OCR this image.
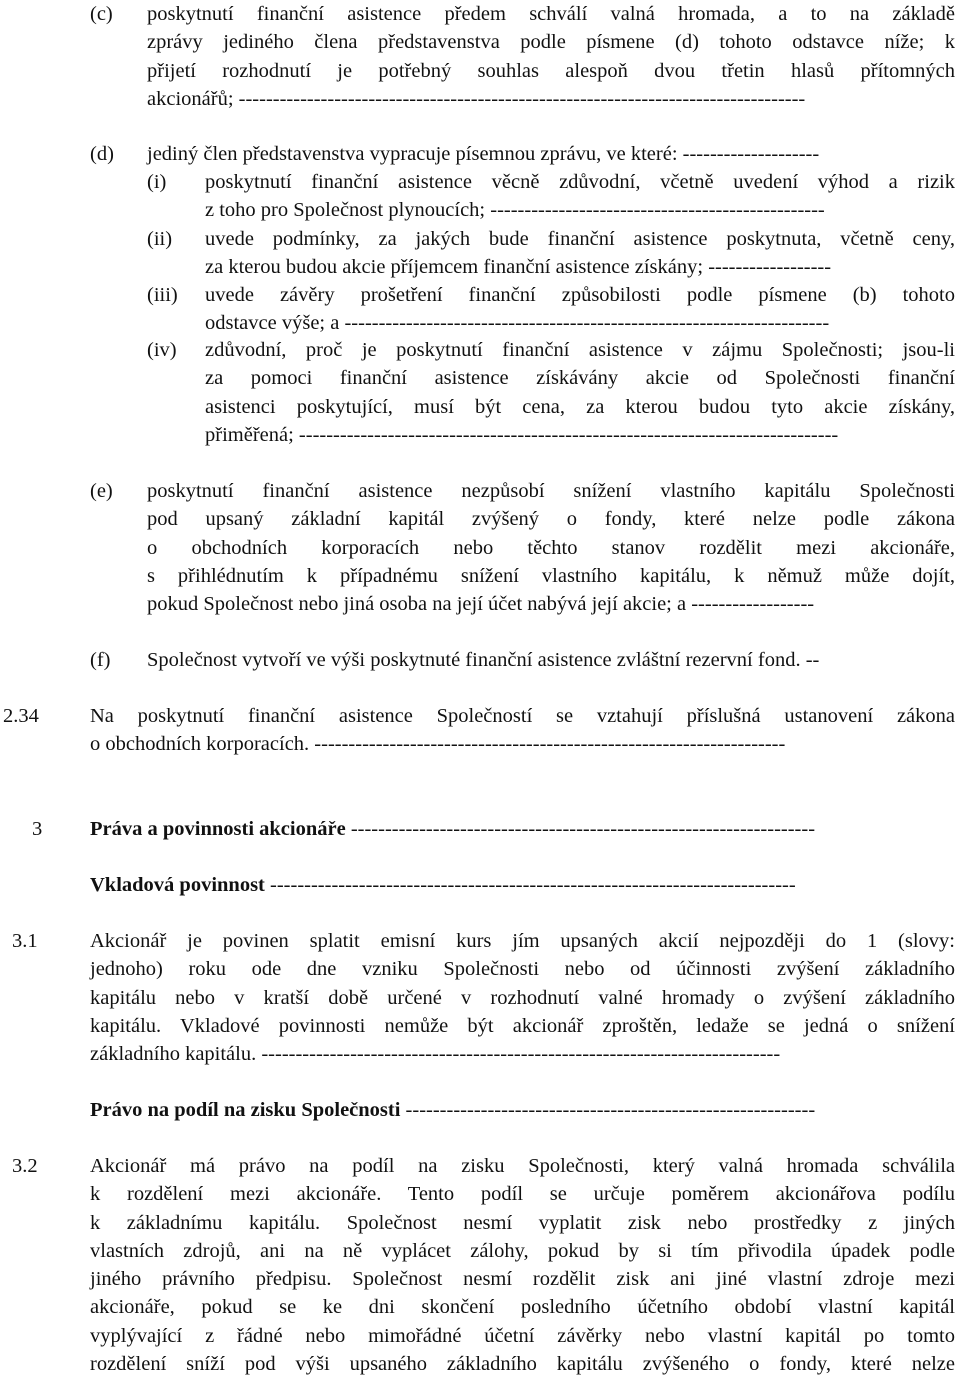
(c) poskytnutí finanční asistence předem schválí valná hromada, a to na základě
zprávy jediného člena představenstva podle písmene (d) tohoto odstavce níže; k
přijetí rozhodnutí je potřebný souhlas alespoň dvou třetin hlasů přítomných
akcionářů; -----------------------------------------------------------------------------------
(d) jediný člen představenstva vypracuje písemnou zprávu, ve které: --------------------
(i) poskytnutí finanční asistence věcně zdůvodní, včetně uvedení výhod a rizik
z toho pro Společnost plynoucích; -------------------------------------------------
(ii) uvede podmínky, za jakých bude finanční asistence poskytnuta, včetně ceny,
za kterou budou akcie příjemcem finanční asistence získány; ------------------
(iii) uvede závěry prošetření finanční způsobilosti podle písmene (b) tohoto
odstavce výše; a -----------------------------------------------------------------------
(iv) zdůvodní, proč je poskytnutí finanční asistence v zájmu Společnosti; jsou-li
za pomoci finanční asistence získávány akcie od Společnosti finanční
asistenci poskytující, musí být cena, za kterou budou tyto akcie získány,
přiměřená; -------------------------------------------------------------------------------
(e) poskytnutí finanční asistence nezpůsobí snížení vlastního kapitálu Společnosti
pod upsaný základní kapitál zvýšený o fondy, které nelze podle zákona
o obchodních korporacích nebo těchto stanov rozdělit mezi akcionáře,
s přihlédnutím k případnému snížení vlastního kapitálu, k němuž může dojít,
pokud Společnost nebo jiná osoba na její účet nabývá její akcie; a ------------------
(f) Společnost vytvoří ve výši poskytnuté finanční asistence zvláštní rezervní fond. --
2.34 Na poskytnutí finanční asistence Společností se vztahují příslušná ustanovení zákona
o obchodních korporacích. ---------------------------------------------------------------------
3 Práva a povinnosti akcionáře --------------------------------------------------------------------
Vkladová povinnost -----------------------------------------------------------------------------
3.1	Akcionář je povinen splatit emisní kurs jím upsaných akcií nejpozději do 1 (slovy:
jednoho) roku ode dne vzniku Společnosti nebo od účinnosti zvýšení základního
kapitálu nebo v kratší době určené v rozhodnutí valné hromady o zvýšení základního
kapitálu. Vkladové povinnosti nemůže být akcionář zproštěn, ledaže se jedná o snížení
základního kapitálu. ----------------------------------------------------------------------------
Právo na podíl na zisku Společnosti ------------------------------------------------------------
3.2	Akcionář má právo na podíl na zisku Společnosti, který valná hromada schválila
k rozdělení mezi akcionáře. Tento podíl se určuje poměrem akcionářova podílu
k základnímu kapitálu. Společnost nesmí vyplatit zisk nebo prostředky z jiných
vlastních zdrojů, ani na ně vyplácet zálohy, pokud by si tím přivodila úpadek podle
jiného právního předpisu. Společnost nesmí rozdělit zisk ani jiné vlastní zdroje mezi
akcionáře, pokud se ke dni skončení posledního účetního období vlastní kapitál
vyplývající z řádné nebo mimořádné účetní závěrky nebo vlastní kapitál po tomto
rozdělení sníží pod výši upsaného základního kapitálu zvýšeného o fondy, které nelze
